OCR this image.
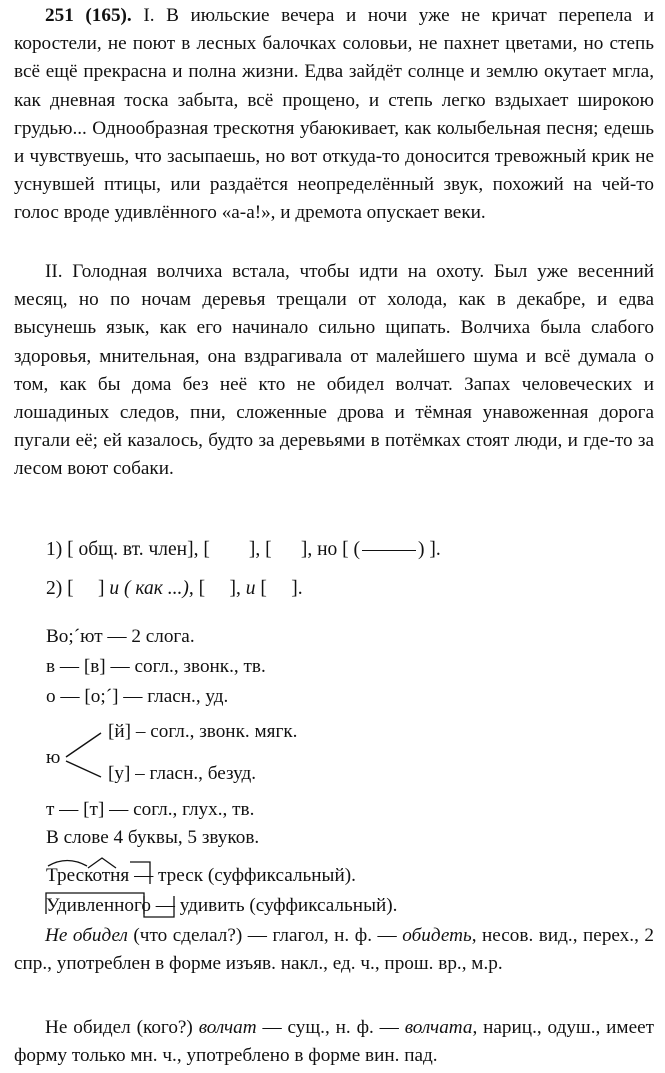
251 (165). I. В июльские вечера и ночи уже не кричат перепела и коростели, не поют в лесных балочках соловьи, не пахнет цветами, но степь всё ещё прекрасна и полна жизни. Едва зайдёт солнце и землю окутает мгла, как дневная тоска забыта, всё прощено, и степь легко вздыхает широкою грудью... Однообразная трескотня убаюкивает, как колыбельная песня; едешь и чувствуешь, что засыпаешь, но вот откуда-то доносится тревожный крик не уснувшей птицы, или раздаётся неопределённый звук, похожий на чей-то голос вроде удивлённого «а-а!», и дремота опускает веки.
II. Голодная волчиха встала, чтобы идти на охоту. Был уже весенний месяц, но по ночам деревья трещали от холода, как в декабре, и едва высунешь язык, как его начинало сильно щипать. Волчиха была слабого здоровья, мнительная, она вздрагивала от малейшего шума и всё думала о том, как бы дома без неё кто не обидел волчат. Запах человеческих и лошадиных следов, пни, сложенные дрова и тёмная унавоженная дорога пугали её; ей казалось, будто за деревьями в потёмках стоят люди, и где-то за лесом воют собаки.
1) [ общ. вт. член], [        ], [      ], но [ (	) ].
2) [     ] и ( как ...), [     ], и [     ].
Во;´ют — 2 слога.
в — [в] — согл., звонк., тв.
о — [о;´] — гласн., уд.
ю
[й] – согл., звонк. мягк.
[у] – гласн., безуд.
т — [т] — согл., глух., тв.
В слове 4 буквы, 5 звуков.
Трескотня
— треск (суффиксальный).
Удивленного
— удивить (суффиксальный).
Не обидел (что сделал?) — глагол, н. ф. — обидеть, несов. вид., перех., 2 спр., употреблен в форме изъяв. накл., ед. ч., прош. вр., м.р.
Не обидел (кого?) волчат — сущ., н. ф. — волчата, нариц., одуш., имеет форму только мн. ч., употреблено в форме вин. пад.
